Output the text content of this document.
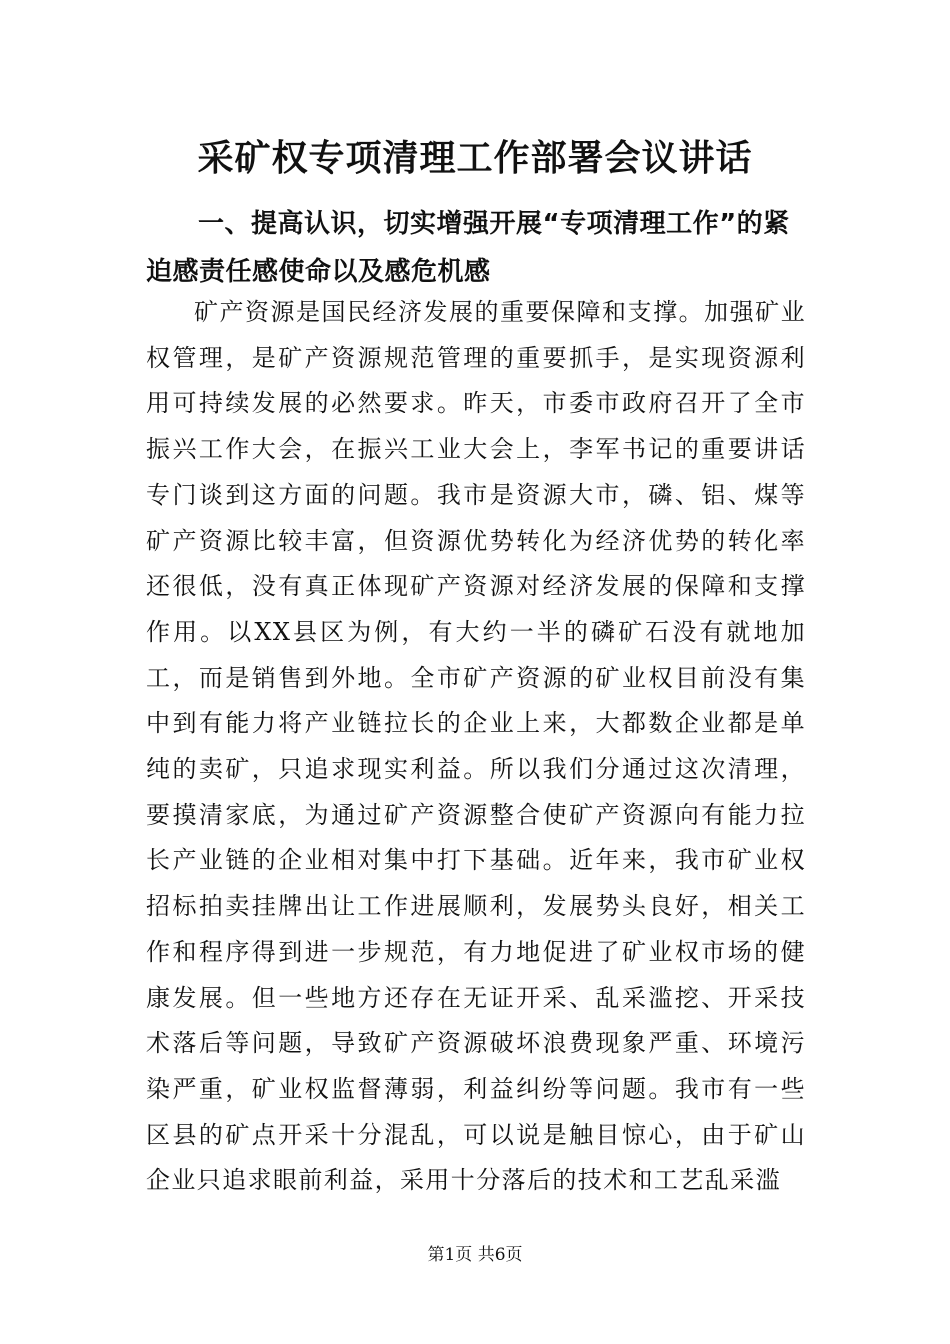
采矿权专项清理工作部署会议讲话
一、提高认识，切实增强开展“专项清理工作”的紧迫感责任感使命以及感危机感

矿产资源是国民经济发展的重要保障和支撑。加强矿业权管理，是矿产资源规范管理的重要抓手，是实现资源利用可持续发展的必然要求。昨天，市委市政府召开了全市振兴工作大会，在振兴工业大会上，李军书记的重要讲话专门谈到这方面的问题。我市是资源大市，磷、铝、煤等矿产资源比较丰富，但资源优势转化为经济优势的转化率还很低，没有真正体现矿产资源对经济发展的保障和支撑作用。以XX县区为例，有大约一半的磷矿石没有就地加工，而是销售到外地。全市矿产资源的矿业权目前没有集中到有能力将产业链拉长的企业上来，大都数企业都是单纯的卖矿，只追求现实利益。所以我们分通过这次清理，要摸清家底，为通过矿产资源整合使矿产资源向有能力拉长产业链的企业相对集中打下基础。近年来，我市矿业权招标拍卖挂牌出让工作进展顺利，发展势头良好，相关工作和程序得到进一步规范，有力地促进了矿业权市场的健康发展。但一些地方还存在无证开采、乱采滥挖、开采技术落后等问题，导致矿产资源破坏浪费现象严重、环境污染严重，矿业权监督薄弱，利益纠纷等问题。我市有一些区县的矿点开采十分混乱，可以说是触目惊心，由于矿山企业只追求眼前利益，采用十分落后的技术和工艺乱采滥

第1页 共6页
